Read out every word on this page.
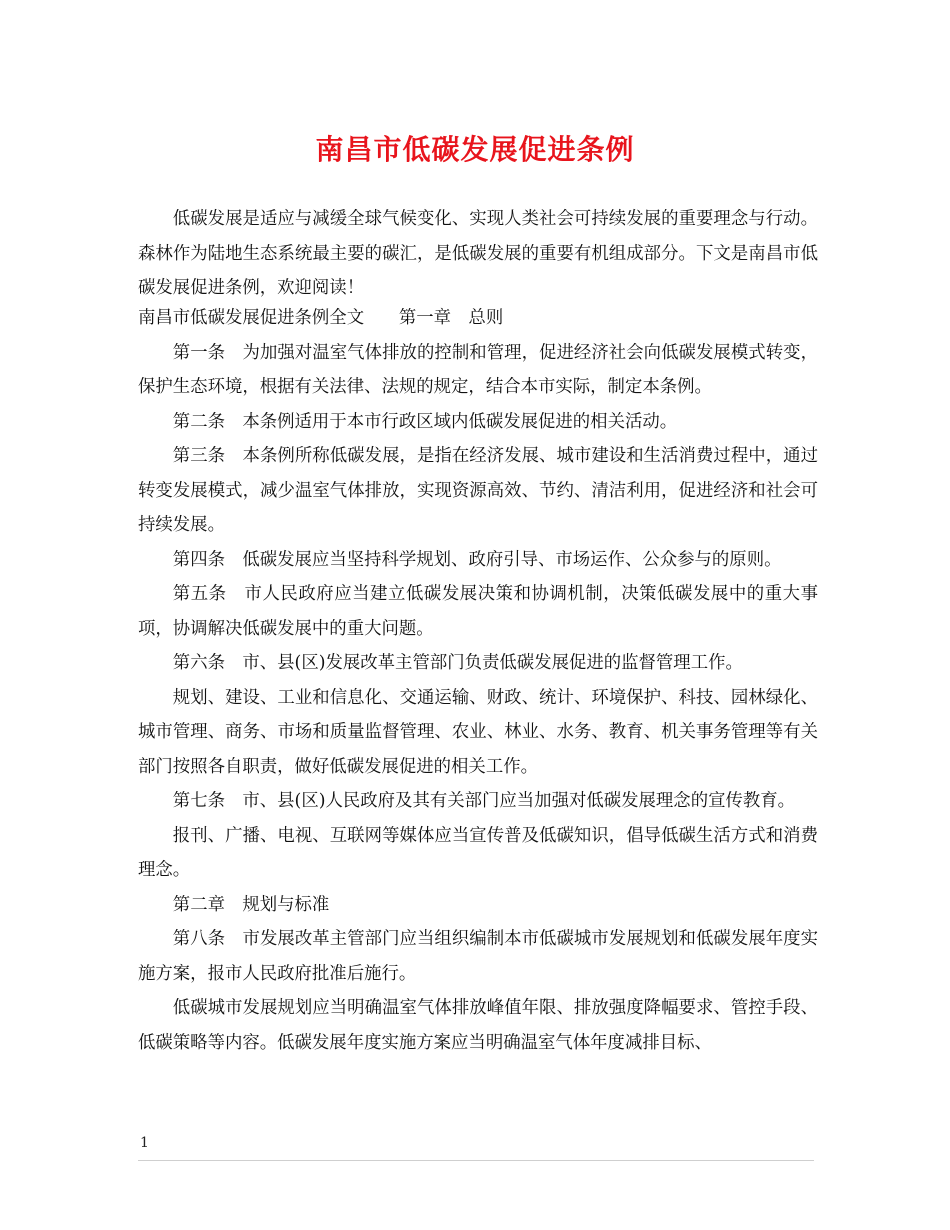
南昌市低碳发展促进条例

低碳发展是适应与减缓全球气候变化、实现人类社会可持续发展的重要理念与行动。森林作为陆地生态系统最主要的碳汇，是低碳发展的重要有机组成部分。下文是南昌市低碳发展促进条例，欢迎阅读！

南昌市低碳发展促进条例全文　　第一章　总则

第一条　为加强对温室气体排放的控制和管理，促进经济社会向低碳发展模式转变，保护生态环境，根据有关法律、法规的规定，结合本市实际，制定本条例。

第二条　本条例适用于本市行政区域内低碳发展促进的相关活动。

第三条　本条例所称低碳发展，是指在经济发展、城市建设和生活消费过程中，通过转变发展模式，减少温室气体排放，实现资源高效、节约、清洁利用，促进经济和社会可持续发展。

第四条　低碳发展应当坚持科学规划、政府引导、市场运作、公众参与的原则。

第五条　市人民政府应当建立低碳发展决策和协调机制，决策低碳发展中的重大事项，协调解决低碳发展中的重大问题。

第六条　市、县(区)发展改革主管部门负责低碳发展促进的监督管理工作。

规划、建设、工业和信息化、交通运输、财政、统计、环境保护、科技、园林绿化、城市管理、商务、市场和质量监督管理、农业、林业、水务、教育、机关事务管理等有关部门按照各自职责，做好低碳发展促进的相关工作。

第七条　市、县(区)人民政府及其有关部门应当加强对低碳发展理念的宣传教育。

报刊、广播、电视、互联网等媒体应当宣传普及低碳知识，倡导低碳生活方式和消费理念。

第二章　规划与标准

第八条　市发展改革主管部门应当组织编制本市低碳城市发展规划和低碳发展年度实施方案，报市人民政府批准后施行。

低碳城市发展规划应当明确温室气体排放峰值年限、排放强度降幅要求、管控手段、低碳策略等内容。低碳发展年度实施方案应当明确温室气体年度减排目标、

1
